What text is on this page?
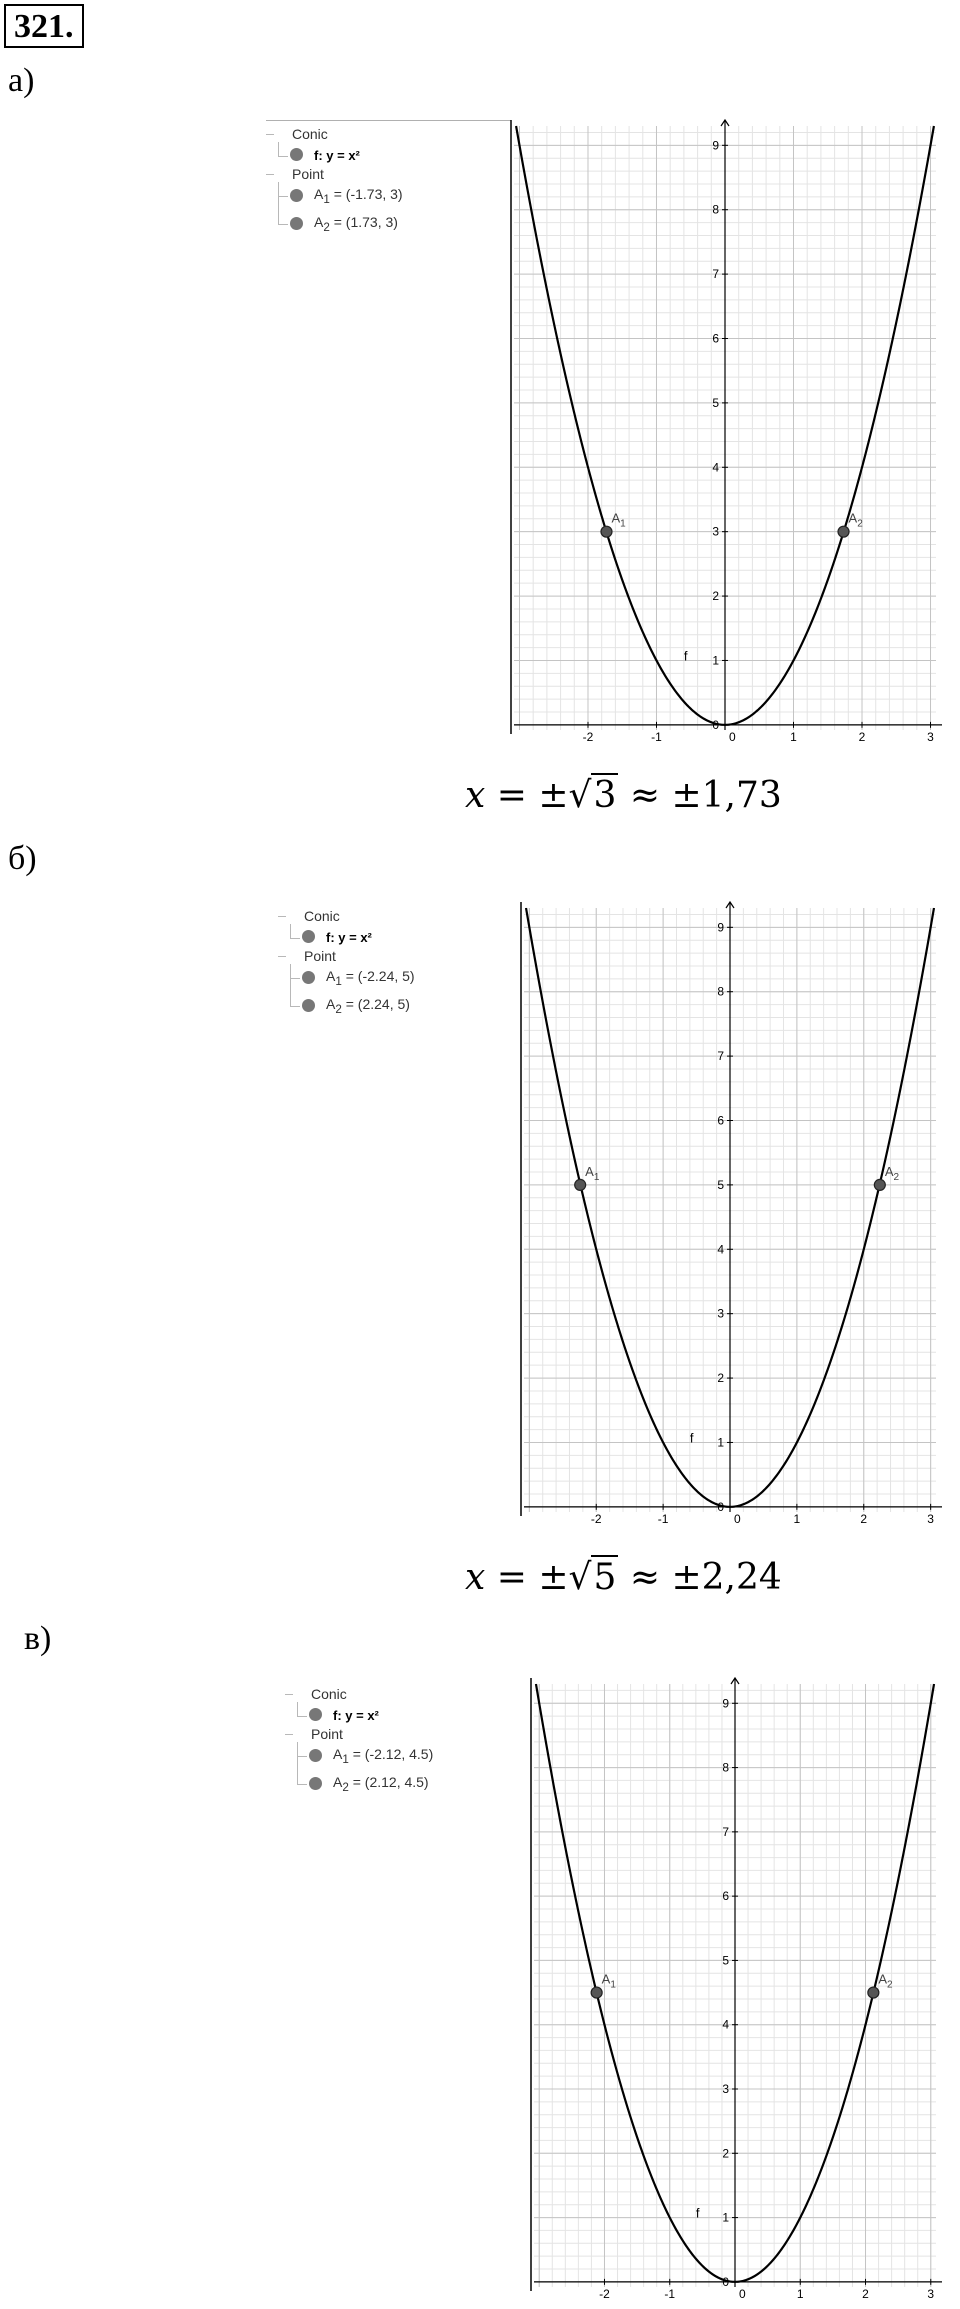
321.
а)
Conic
f: y = x²
Point
$A_1 = (-1.73$, 3)
$A_2 = (1.73$, 3)
-2	-1	1	2	3
0
0
1
2
3
4
5
6
7
8
9
f
$A_1$	$A_2$
x = ±√3 ≈ ±1,73
б)
Conic
f: y = x²
Point
$A_1 = (-2.24$, 5)
$A_2 = (2.24$, 5)
-2	-1	1	2	3
0
0
1
2
3
4
5
6
7
8
9
f
$A_1$	$A_2$
x = ±√5 ≈ ±2,24
в)
Conic
f: y = x²
Point
$A_1 = (-2.12$, 4.5)
$A_2 = (2.12$, 4.5)
-2	-1	1	2	3
0
0
1
2
3
4
5
6
7
8
9
f
$A_1$	$A_2$
